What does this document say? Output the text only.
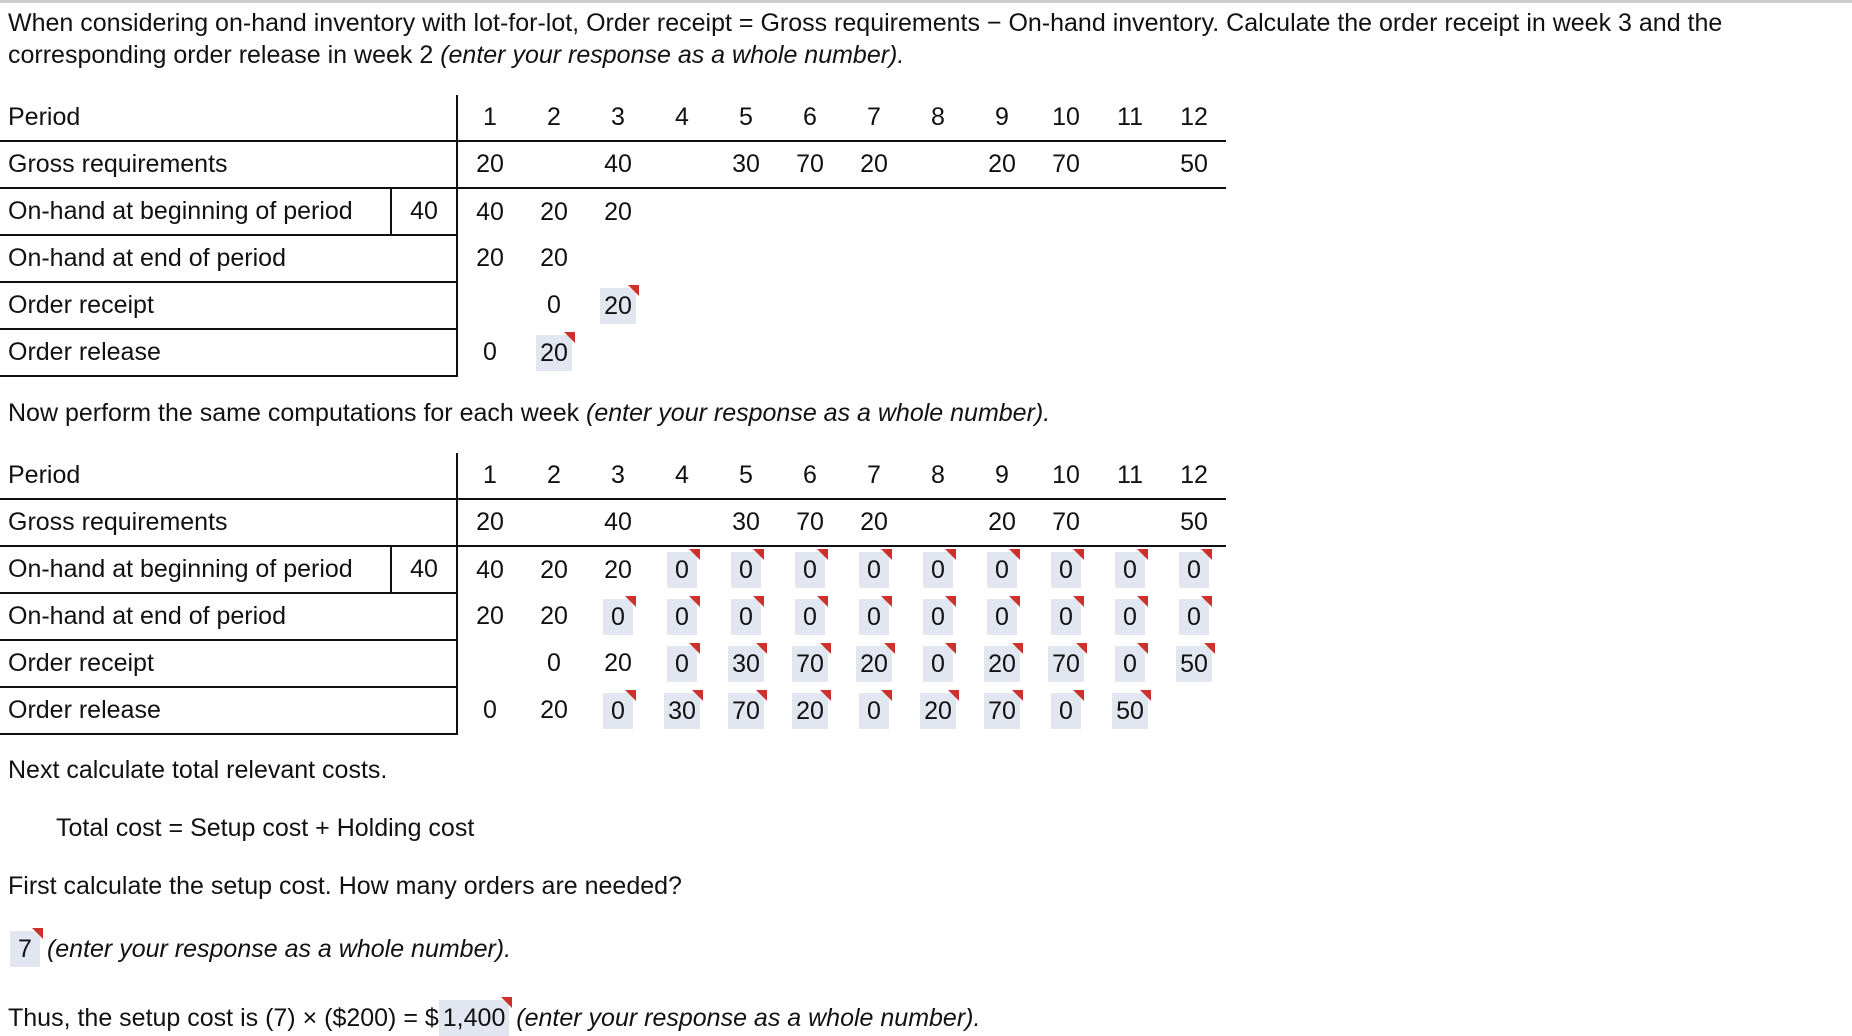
When considering on-hand inventory with lot-for-lot, Order receipt = Gross requirements − On-hand inventory. Calculate the order receipt in week 3 and the
corresponding order release in week 2 (enter your response as a whole number).
Period		1	2	3	4	5	6	7	8	9	10	11	12
Gross requirements		20		40		30	70	20		20	70		50
On-hand at beginning of period	40	40	20	20									
On-hand at end of period		20	20										
Order receipt			0	20									
Order release		0	20										
Now perform the same computations for each week (enter your response as a whole number).
Period		1	2	3	4	5	6	7	8	9	10	11	12
Gross requirements		20		40		30	70	20		20	70		50
On-hand at beginning of period	40	40	20	20	0	0	0	0	0	0	0	0	0
On-hand at end of period		20	20	0	0	0	0	0	0	0	0	0	0
Order receipt			0	20	0	30	70	20	0	20	70	0	50
Order release		0	20	0	30	70	20	0	20	70	0	50	
Next calculate total relevant costs.
Total cost = Setup cost + Holding cost
First calculate the setup cost. How many orders are needed?
7 (enter your response as a whole number).
Thus, the setup cost is (7) × ($200) = $ 1,400 (enter your response as a whole number).
